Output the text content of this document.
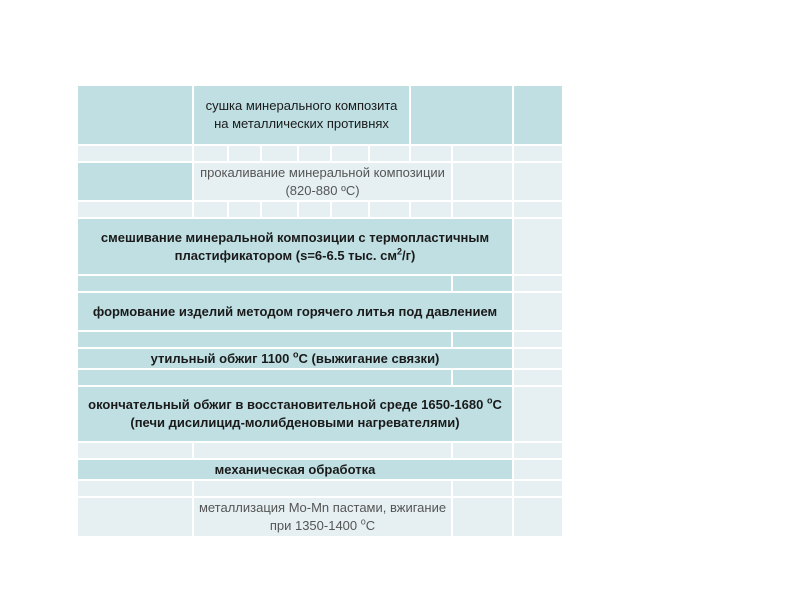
сушка минерального композита на металлических противнях
прокаливание минеральной композиции (820-880 ºС)
смешивание минеральной композиции с термопластичным пластификатором (s=6-6.5 тыс. $см^2/г$)
формование изделий методом горячего литья под давлением
утильный обжиг 1100 $^о$С (выжигание связки)
окончательный обжиг в восстановительной среде 1650-1680 $^о$С (печи дисилицид-молибденовыми нагревателями)
механическая обработка
металлизация Mo-Mn пастами, вжигание при 1350-1400 $^о$С
